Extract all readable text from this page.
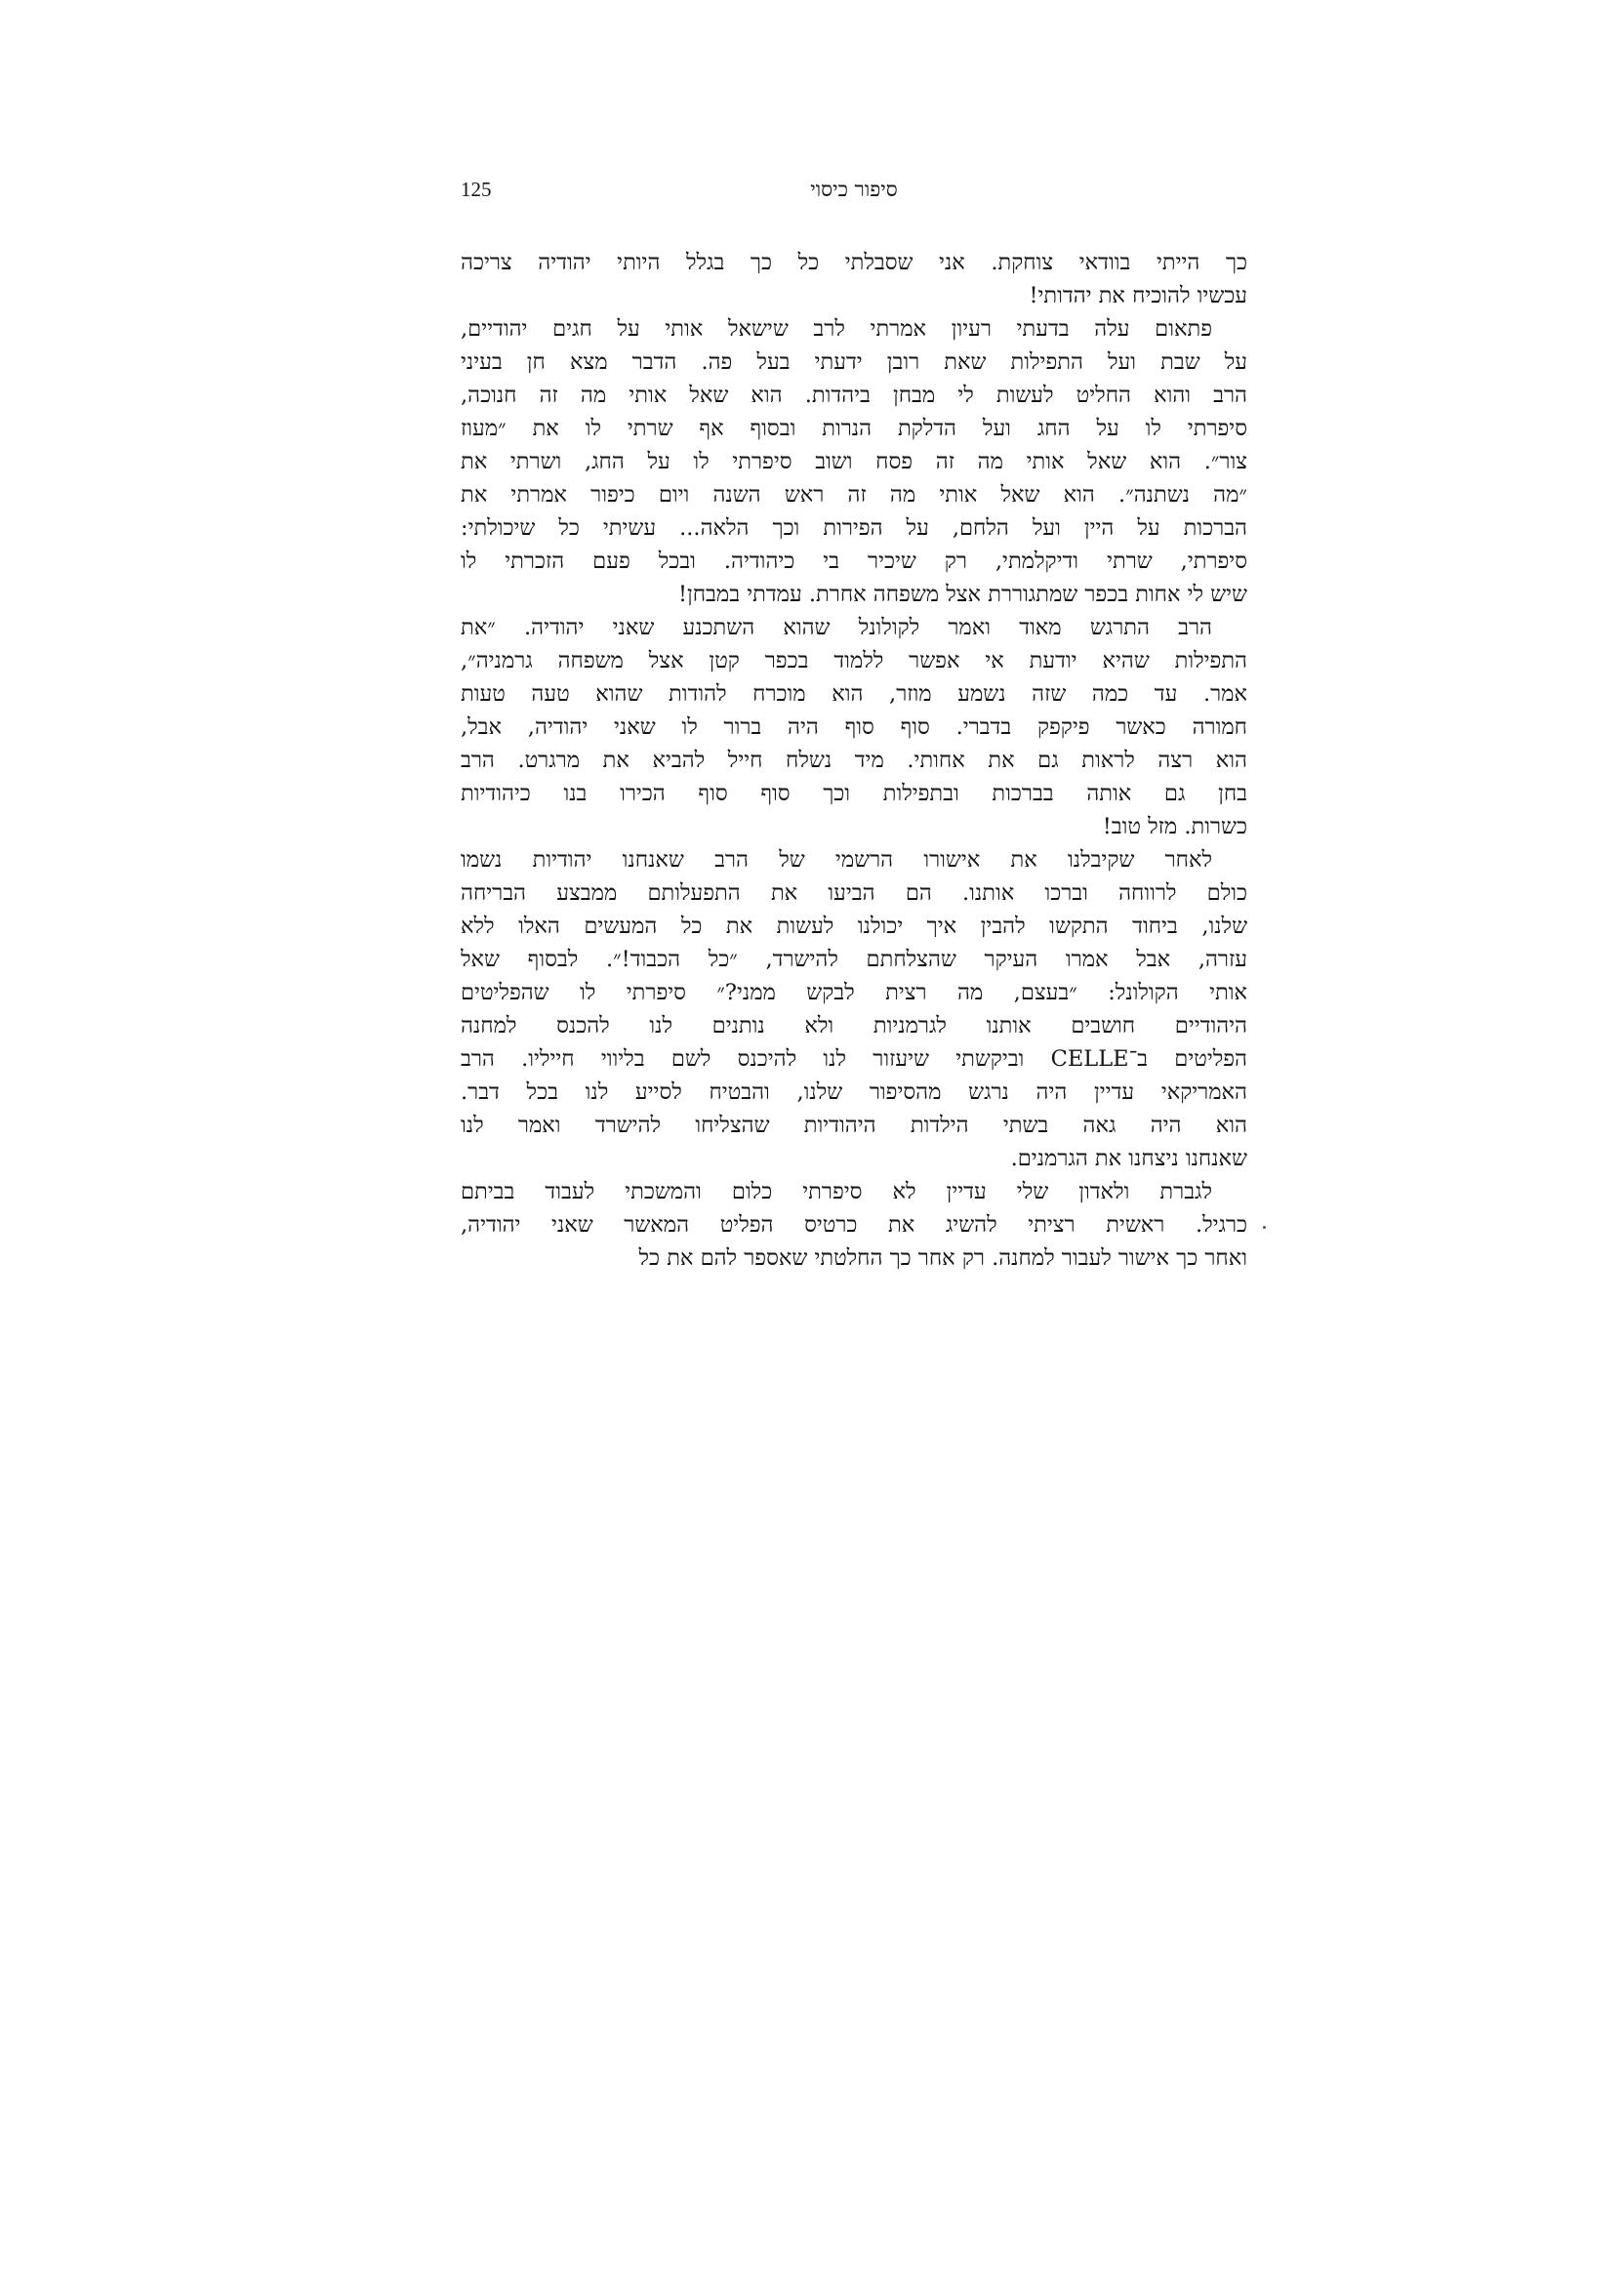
125	סיפור כיסוי
כך הייתי בוודאי צוחקת. אני שסבלתי כל כך בגלל היותי יהודיה צריכה
עכשיו להוכיח את יהדותי!
פתאום עלה בדעתי רעיון אמרתי לרב שישאל אותי על חגים יהודיים,
על שבת ועל התפילות שאת רובן ידעתי בעל פה. הדבר מצא חן בעיני
הרב והוא החליט לעשות לי מבחן ביהדות. הוא שאל אותי מה זה חנוכה,
סיפרתי לו על החג ועל הדלקת הנרות ובסוף אף שרתי לו את ״מעוז
צור״. הוא שאל אותי מה זה פסח ושוב סיפרתי לו על החג, ושרתי את
״מה נשתנה״. הוא שאל אותי מה זה ראש השנה ויום כיפור אמרתי את
הברכות על היין ועל הלחם, על הפירות וכך הלאה... עשיתי כל שיכולתי:
סיפרתי, שרתי ודיקלמתי, רק שיכיר בי כיהודיה. ובכל פעם הזכרתי לו
שיש לי אחות בכפר שמתגוררת אצל משפחה אחרת. עמדתי במבחן!
הרב התרגש מאוד ואמר לקולונל שהוא השתכנע שאני יהודיה. ״את
התפילות שהיא יודעת אי אפשר ללמוד בכפר קטן אצל משפחה גרמניה״,
אמר. עד כמה שזה נשמע מוזר, הוא מוכרח להודות שהוא טעה טעות
חמורה כאשר פיקפק בדברי. סוף סוף היה ברור לו שאני יהודיה, אבל,
הוא רצה לראות גם את אחותי. מיד נשלח חייל להביא את מרגרט. הרב
בחן גם אותה בברכות ובתפילות וכך סוף סוף הכירו בנו כיהודיות
כשרות. מזל טוב!
לאחר שקיבלנו את אישורו הרשמי של הרב שאנחנו יהודיות נשמו
כולם לרווחה וברכו אותנו. הם הביעו את התפעלותם ממבצע הבריחה
שלנו, ביחוד התקשו להבין איך יכולנו לעשות את כל המעשים האלו ללא
עזרה, אבל אמרו העיקר שהצלחתם להישרד, ״כל הכבוד!״. לבסוף שאל
אותי הקולונל: ״בעצם, מה רצית לבקש ממני?״ סיפרתי לו שהפליטים
היהודיים חושבים אותנו לגרמניות ולא נותנים לנו להכנס למחנה
הפליטים ב־CELLE וביקשתי שיעזור לנו להיכנס לשם בליווי חייליו. הרב
האמריקאי עדיין היה נרגש מהסיפור שלנו, והבטיח לסייע לנו בכל דבר.
הוא היה גאה בשתי הילדות היהודיות שהצליחו להישרד ואמר לנו
שאנחנו ניצחנו את הגרמנים.
לגברת ולאדון שלי עדיין לא סיפרתי כלום והמשכתי לעבוד בביתם
כרגיל. ראשית רציתי להשיג את כרטיס הפליט המאשר שאני יהודיה,
ואחר כך אישור לעבור למחנה. רק אחר כך החלטתי שאספר להם את כל
